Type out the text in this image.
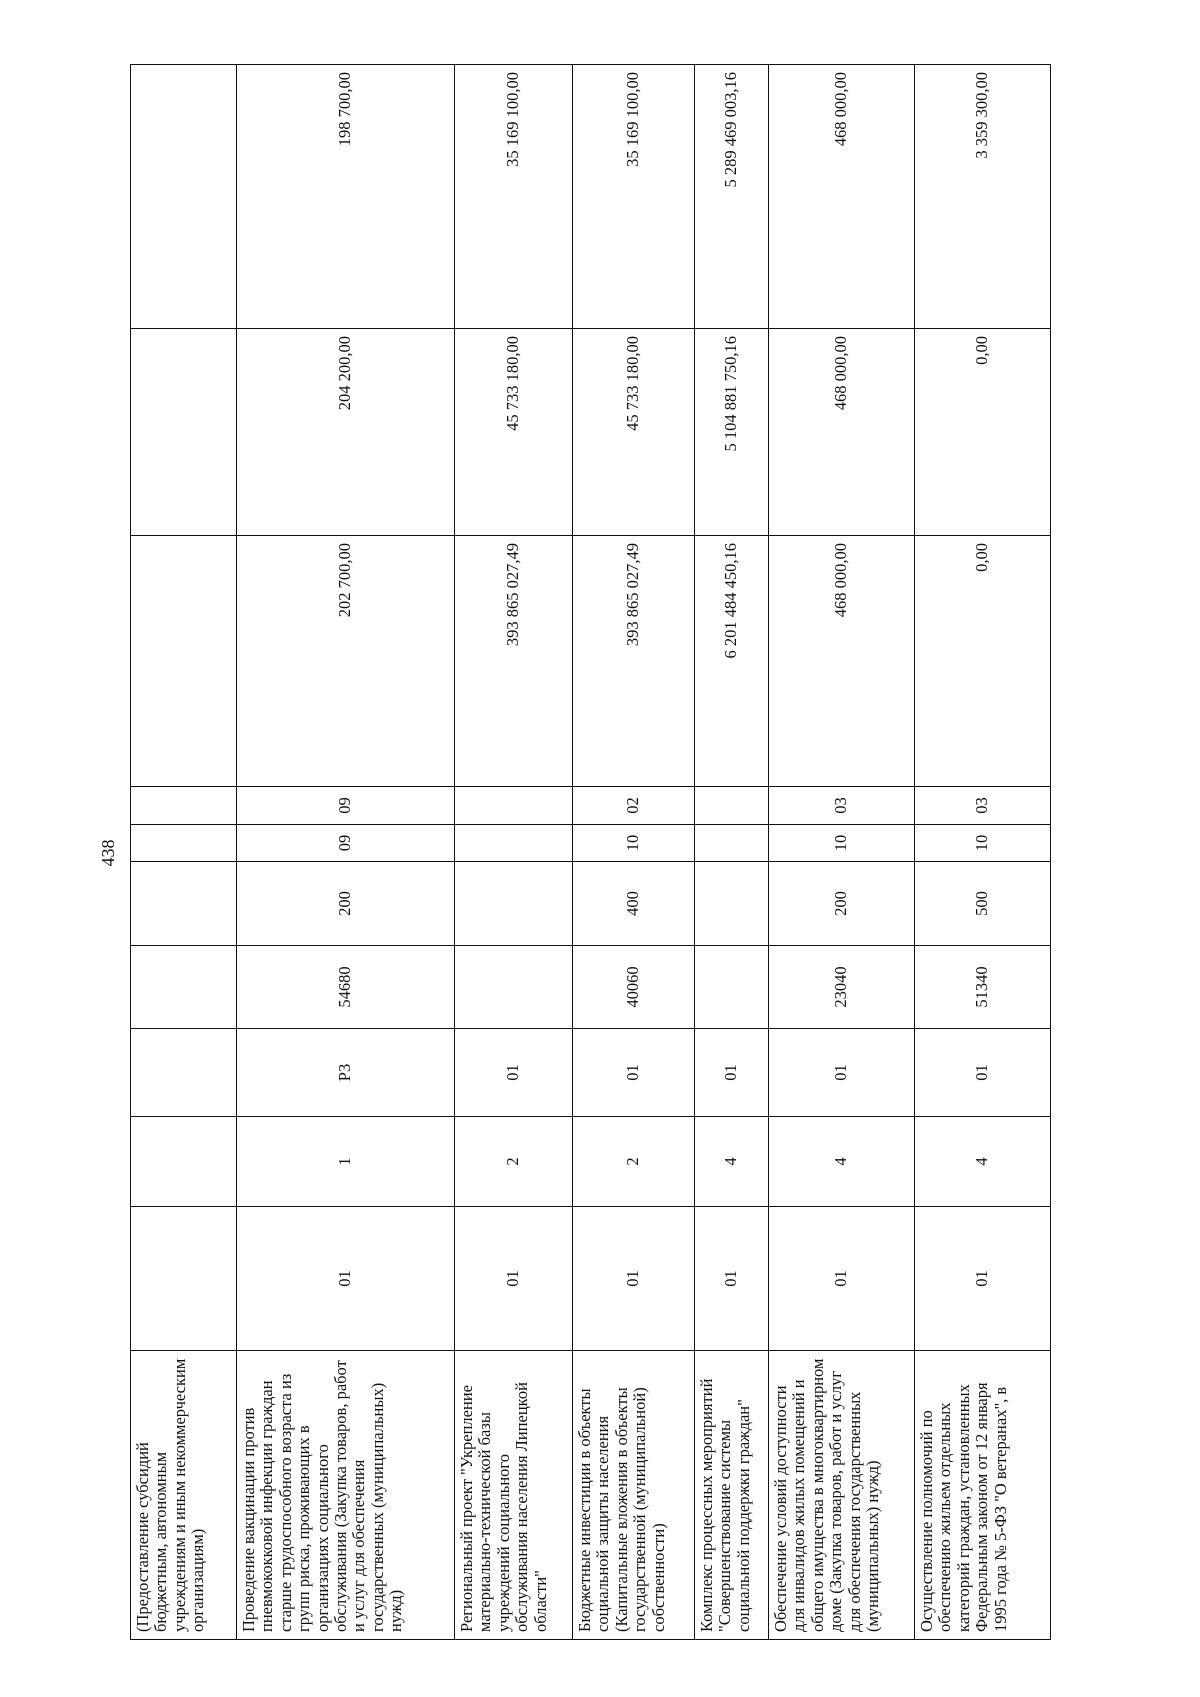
438
(Предоставление субсидий бюджетным, автономным учреждениям и иным некоммерческим организациям)										
Проведение вакцинации против пневмококковой инфекции граждан старше трудоспособного возраста из групп риска, проживающих в организациях социального обслуживания (Закупка товаров, работ и услуг для обеспечения государственных (муниципальных) нужд)	01	1	Р3	54680	200	09	09	202 700,00	204 200,00	198 700,00
Региональный проект "Укрепление материально-технической базы учреждений социального обслуживания населения Липецкой области"	01	2	01					393 865 027,49	45 733 180,00	35 169 100,00
Бюджетные инвестиции в объекты социальной защиты населения (Капитальные вложения в объекты государственной (муниципальной) собственности)	01	2	01	40060	400	10	02	393 865 027,49	45 733 180,00	35 169 100,00
Комплекс процессных мероприятий "Совершенствование системы социальной поддержки граждан"	01	4	01					6 201 484 450,16	5 104 881 750,16	5 289 469 003,16
Обеспечение условий доступности для инвалидов жилых помещений и общего имущества в многоквартирном доме (Закупка товаров, работ и услуг для обеспечения государственных (муниципальных) нужд)	01	4	01	23040	200	10	03	468 000,00	468 000,00	468 000,00
Осуществление полномочий по обеспечению жильем отдельных категорий граждан, установленных Федеральным законом от 12 января 1995 года № 5-ФЗ "О ветеранах", в	01	4	01	51340	500	10	03	0,00	0,00	3 359 300,00
